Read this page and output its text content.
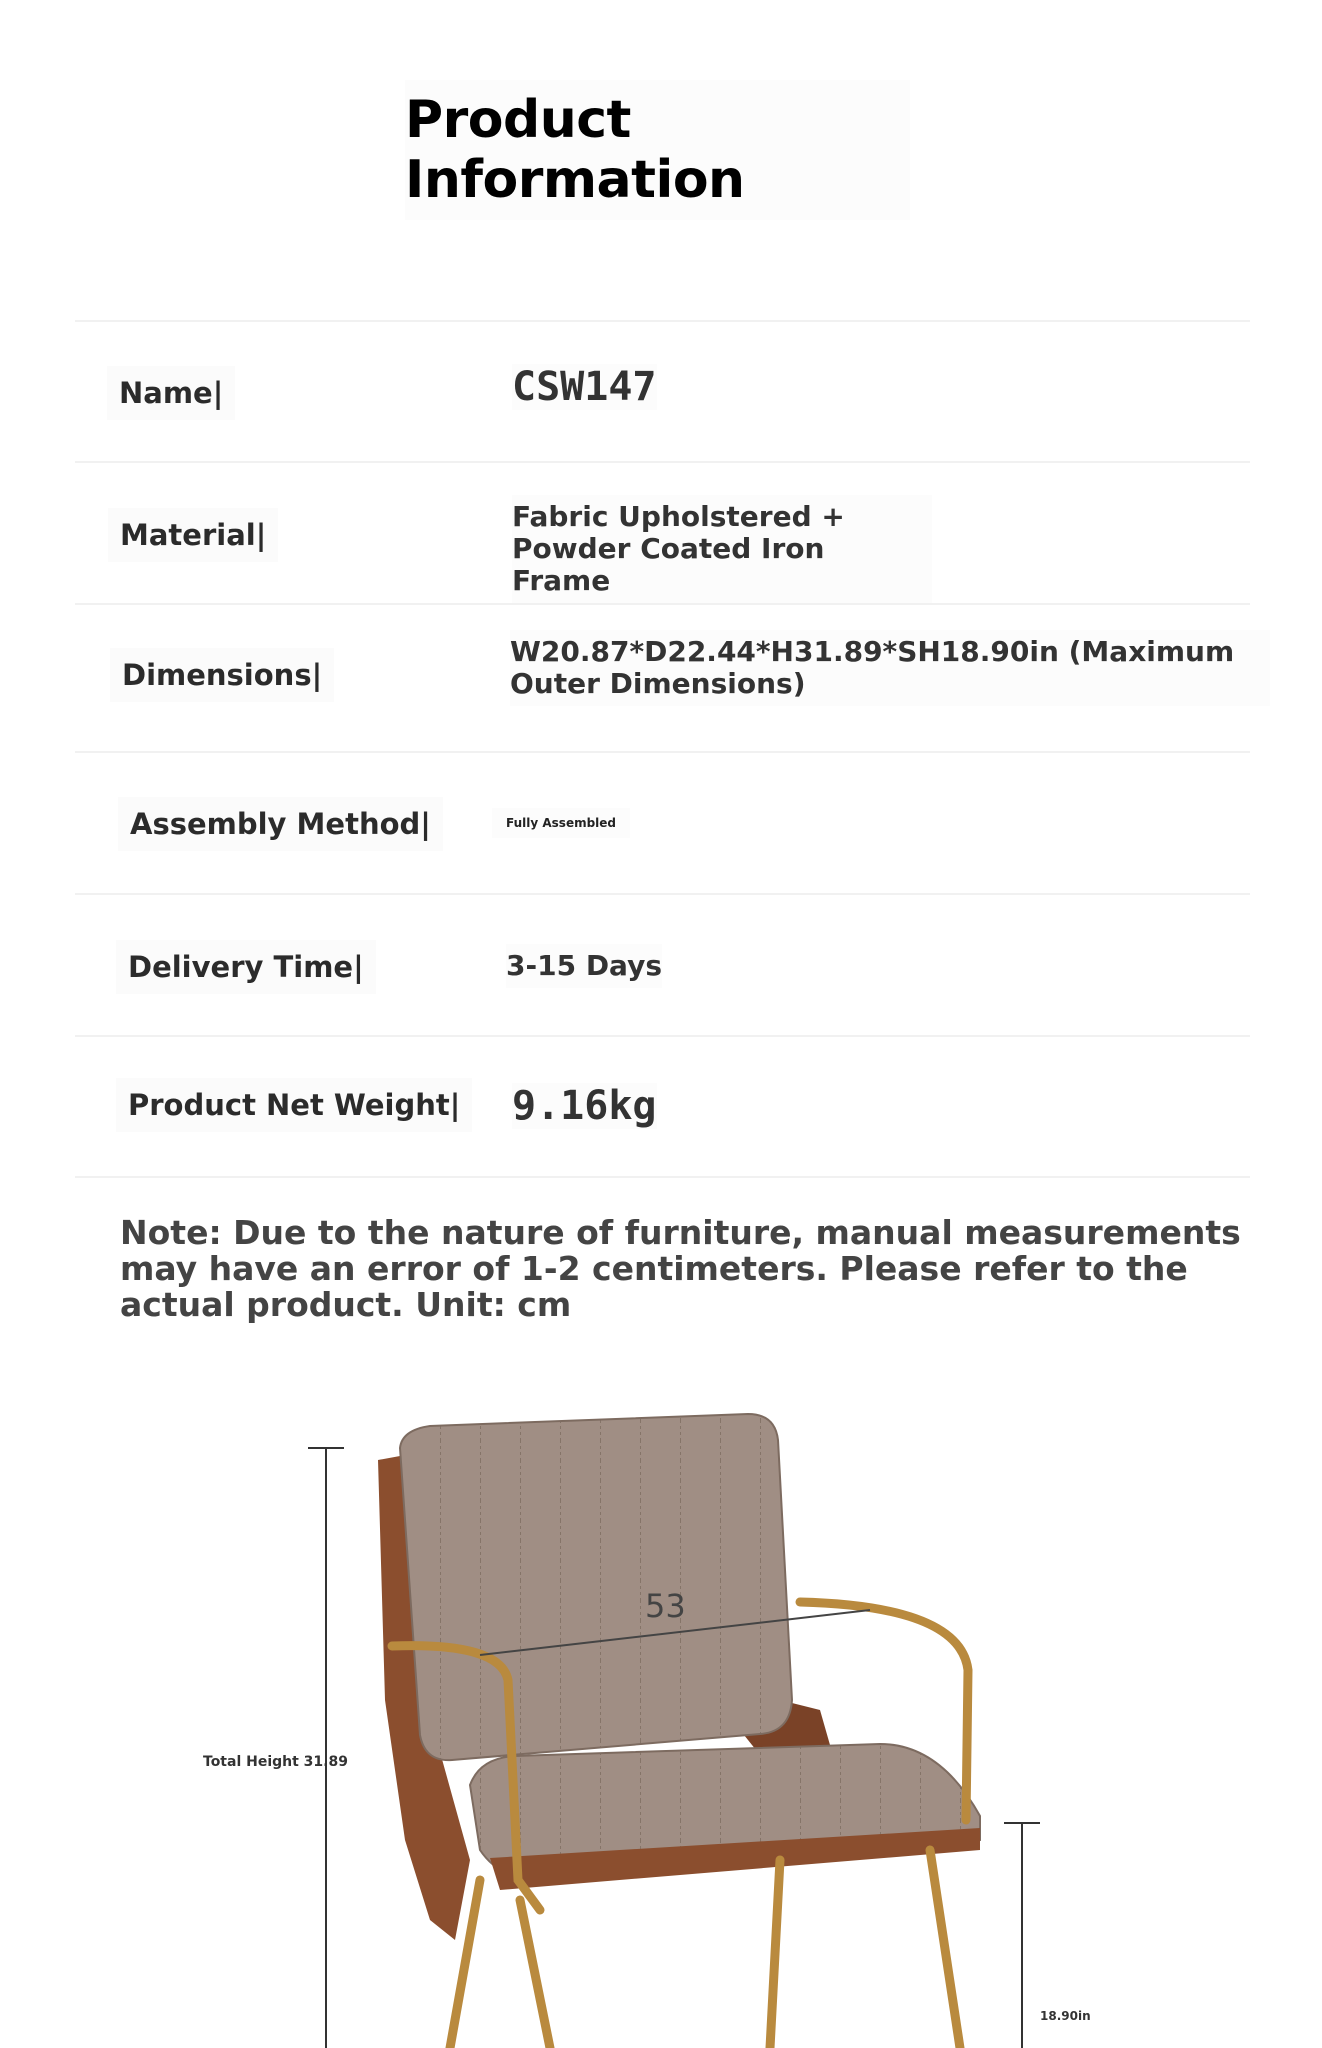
Product Information
Name|	CSW147
Material|
Fabric Upholstered + Powder Coated Iron Frame
Dimensions|
W20.87*D22.44*H31.89*SH18.90in (Maximum Outer Dimensions)
Assembly Method|	Fully Assembled
Delivery Time|	3-15 Days
Product Net Weight|	9.16kg
Note: Due to the nature of furniture, manual measurements may have an error of 1-2 centimeters. Please refer to the actual product. Unit: cm
53
Total Height 31.89
18.90in
